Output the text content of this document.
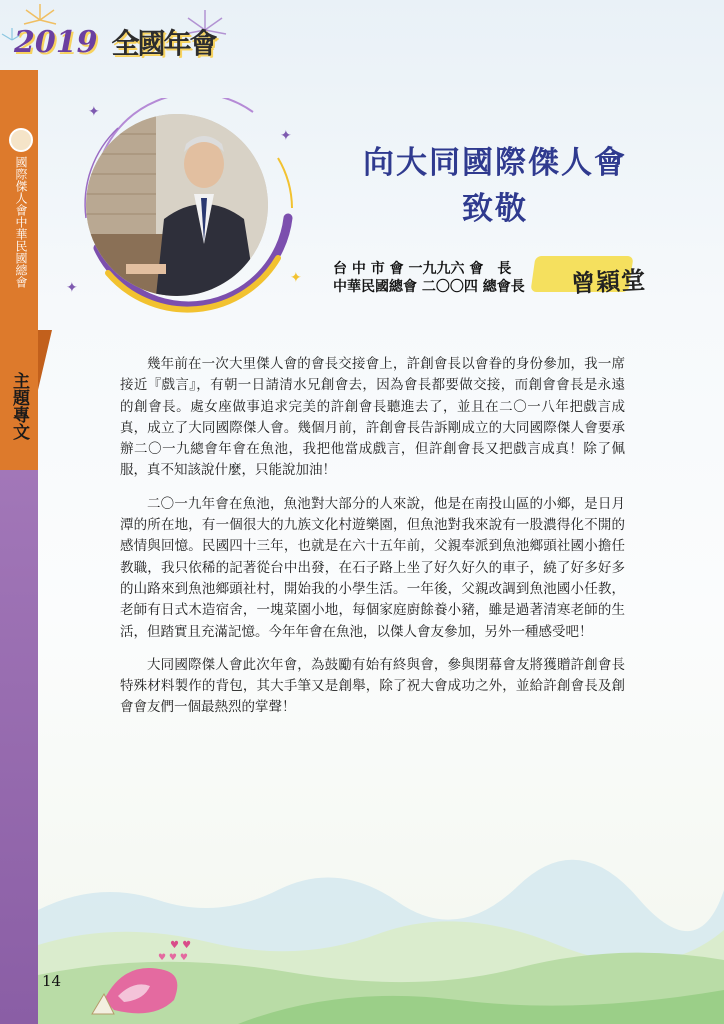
國際傑人會中華民國總會
主題專文
2019 全國年會
✦
✦
✦
✦
向大同國際傑人會
致敬
台 中 市 會 一九九六 會　長
中華民國總會 二〇〇四 總會長 曾穎堂

幾年前在一次大里傑人會的會長交接會上，許創會長以會眷的身份參加，我一席接近『戲言』，有朝一日請清水兄創會去，因為會長都要做交接，而創會會長是永遠的創會長。處女座做事追求完美的許創會長聽進去了，並且在二〇一八年把戲言成真，成立了大同國際傑人會。幾個月前，許創會長告訴剛成立的大同國際傑人會要承辦二〇一九總會年會在魚池，我把他當成戲言，但許創會長又把戲言成真！除了佩服，真不知該說什麼，只能說加油！

二〇一九年會在魚池，魚池對大部分的人來說，他是在南投山區的小鄉，是日月潭的所在地，有一個很大的九族文化村遊樂園，但魚池對我來說有一股濃得化不開的感情與回憶。民國四十三年，也就是在六十五年前，父親奉派到魚池鄉頭社國小擔任教職，我只依稀的記著從台中出發，在石子路上坐了好久好久的車子，繞了好多好多的山路來到魚池鄉頭社村，開始我的小學生活。一年後，父親改調到魚池國小任教，老師有日式木造宿舍，一塊菜園小地，每個家庭廚餘養小豬，雖是過著清寒老師的生活，但踏實且充滿記憶。今年年會在魚池，以傑人會友參加，另外一種感受吧！

大同國際傑人會此次年會，為鼓勵有始有終與會，參與閉幕會友將獲贈許創會長特殊材料製作的背包，其大手筆又是創舉，除了祝大會成功之外，並給許創會長及創會會友們一個最熱烈的掌聲！

♥ ♥
♥ ♥ ♥
14
